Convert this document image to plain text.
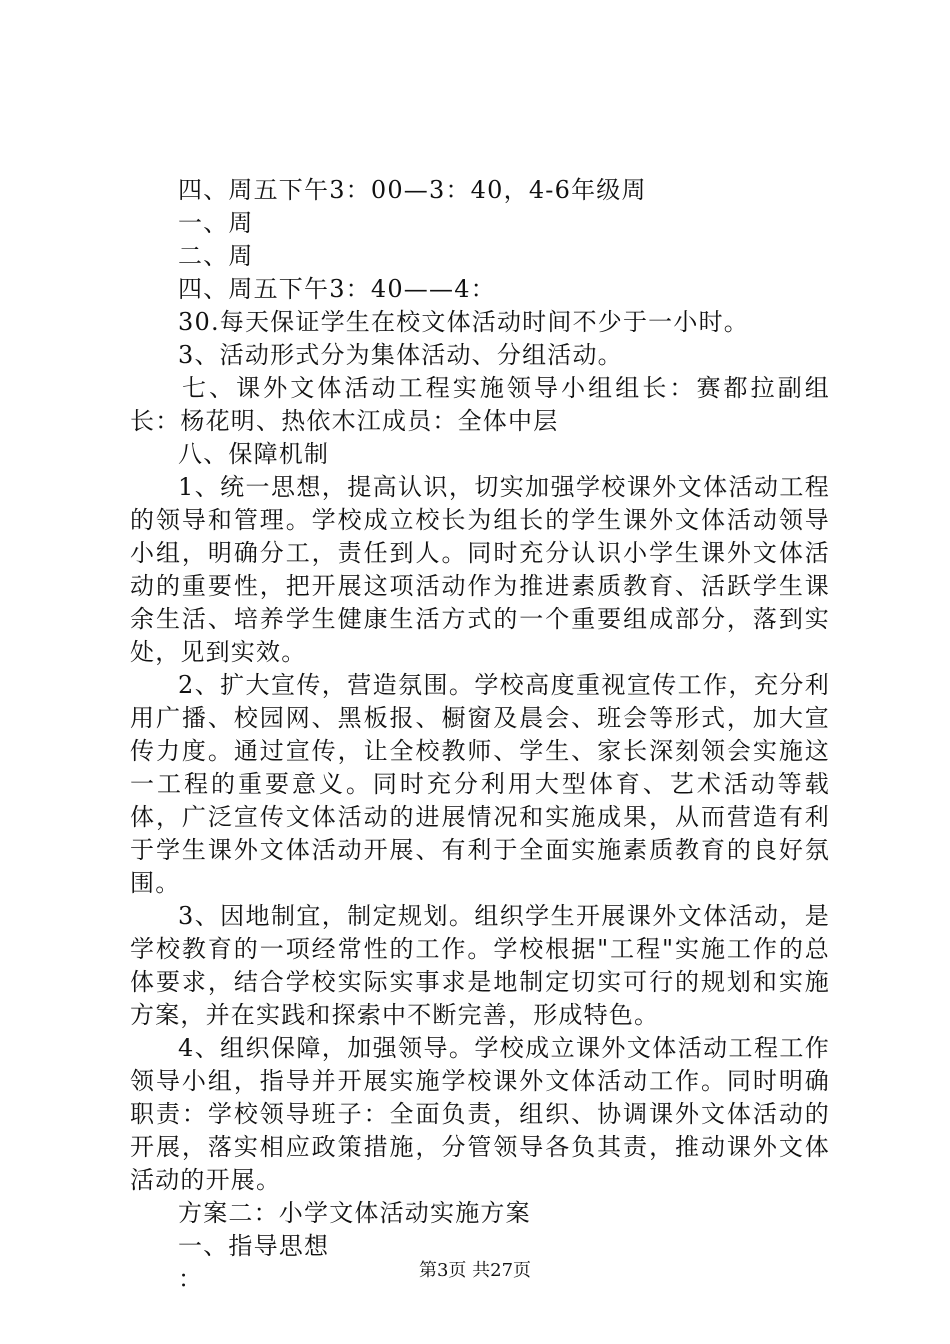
四、周五下午3：00—3：40，4-6年级周
一、周
二、周
四、周五下午3：40——4：
30.每天保证学生在校文体活动时间不少于一小时。
3、活动形式分为集体活动、分组活动。
七、课外文体活动工程实施领导小组组长：赛都拉副组长：杨花明、热依木江成员：全体中层
八、保障机制
1、统一思想，提高认识，切实加强学校课外文体活动工程的领导和管理。学校成立校长为组长的学生课外文体活动领导小组，明确分工，责任到人。同时充分认识小学生课外文体活动的重要性，把开展这项活动作为推进素质教育、活跃学生课余生活、培养学生健康生活方式的一个重要组成部分，落到实处，见到实效。
2、扩大宣传，营造氛围。学校高度重视宣传工作，充分利用广播、校园网、黑板报、橱窗及晨会、班会等形式，加大宣传力度。通过宣传，让全校教师、学生、家长深刻领会实施这一工程的重要意义。同时充分利用大型体育、艺术活动等载体，广泛宣传文体活动的进展情况和实施成果，从而营造有利于学生课外文体活动开展、有利于全面实施素质教育的良好氛围。
3、因地制宜，制定规划。组织学生开展课外文体活动，是学校教育的一项经常性的工作。学校根据"工程"实施工作的总体要求，结合学校实际实事求是地制定切实可行的规划和实施方案，并在实践和探索中不断完善，形成特色。
4、组织保障，加强领导。学校成立课外文体活动工程工作领导小组，指导并开展实施学校课外文体活动工作。同时明确职责：学校领导班子：全面负责，组织、协调课外文体活动的开展，落实相应政策措施，分管领导各负其责，推动课外文体活动的开展。
方案二：小学文体活动实施方案
一、指导思想
：	第3页 共27页
